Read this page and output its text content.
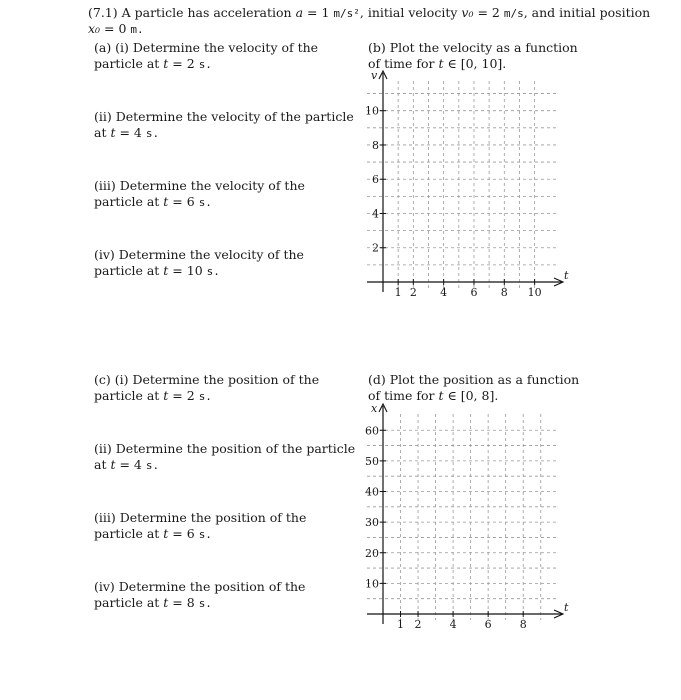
(7.1) A particle has acceleration a = 1 m/s², initial velocity v₀ = 2 m/s, and initial position
x₀ = 0 m.
(a) (i) Determine the velocity of the particle at t = 2 s.
(ii) Determine the velocity of the particle at t = 4 s.
(iii) Determine the velocity of the particle at t = 6 s.
(iv) Determine the velocity of the particle at t = 10 s.
(b) Plot the velocity as a function
of time for t ∈ [0, 10].
v
t
1 2 4 6 8 10
2
4
6
8
10
(c) (i) Determine the position of the particle at t = 2 s.
(ii) Determine the position of the particle at t = 4 s.
(iii) Determine the position of the particle at t = 6 s.
(iv) Determine the position of the particle at t = 8 s.
(d) Plot the position as a function
of time for t ∈ [0, 8].
x
t
1 2	4	6	8
10
20
30
40
50
60
